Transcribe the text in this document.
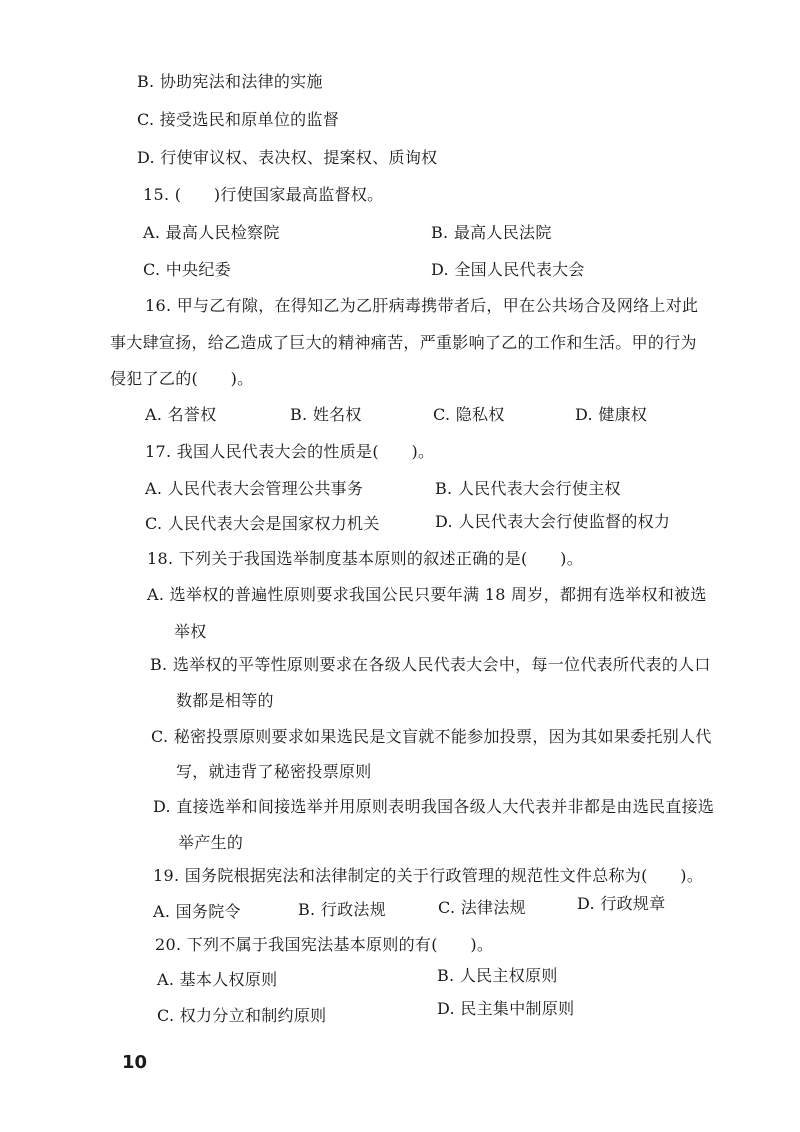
B. 协助宪法和法律的实施
C. 接受选民和原单位的监督
D. 行使审议权、表决权、提案权、质询权
15. (　　)行使国家最高监督权。
A. 最高人民检察院	B. 最高人民法院
C. 中央纪委	D. 全国人民代表大会
16. 甲与乙有隙，在得知乙为乙肝病毒携带者后，甲在公共场合及网络上对此
事大肆宣扬，给乙造成了巨大的精神痛苦，严重影响了乙的工作和生活。甲的行为
侵犯了乙的(　　)。
A. 名誉权	B. 姓名权	C. 隐私权	D. 健康权
17. 我国人民代表大会的性质是(　　)。
A. 人民代表大会管理公共事务	B. 人民代表大会行使主权
C. 人民代表大会是国家权力机关	D. 人民代表大会行使监督的权力
18. 下列关于我国选举制度基本原则的叙述正确的是(　　)。
A. 选举权的普遍性原则要求我国公民只要年满 18 周岁，都拥有选举权和被选
举权
B. 选举权的平等性原则要求在各级人民代表大会中，每一位代表所代表的人口
数都是相等的
C. 秘密投票原则要求如果选民是文盲就不能参加投票，因为其如果委托别人代
写，就违背了秘密投票原则
D. 直接选举和间接选举并用原则表明我国各级人大代表并非都是由选民直接选
举产生的
19. 国务院根据宪法和法律制定的关于行政管理的规范性文件总称为(　　)。
A. 国务院令	B. 行政法规	C. 法律法规	D. 行政规章
20. 下列不属于我国宪法基本原则的有(　　)。
A. 基本人权原则	B. 人民主权原则
C. 权力分立和制约原则	D. 民主集中制原则
10
